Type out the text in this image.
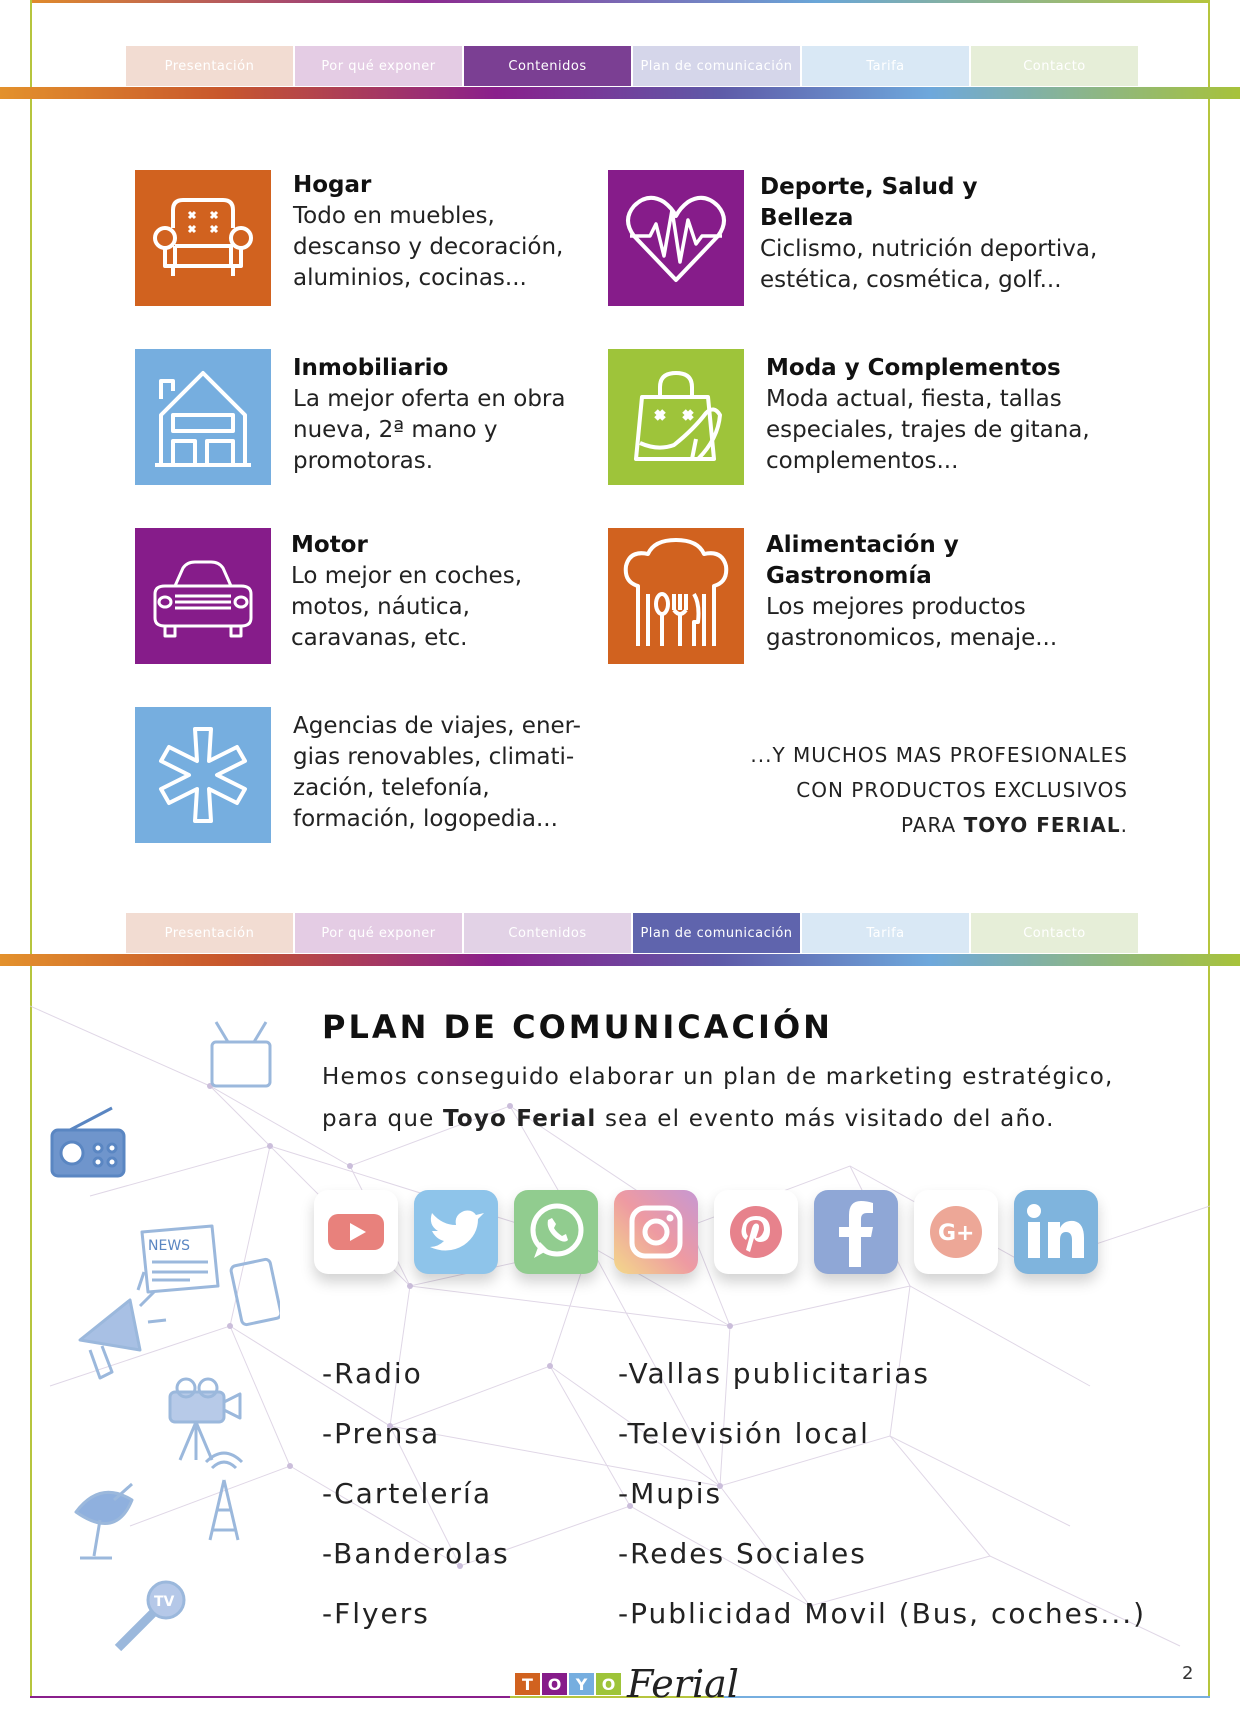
Presentación	Por qué exponer	Contenidos	Plan de comunicación	Tarifa	Contacto
Hogar
Todo en muebles,
descanso y decoración,
aluminios, cocinas...
Deporte, Salud y
Belleza
Ciclismo, nutrición deportiva,
estética, cosmética, golf...
Inmobiliario
La mejor oferta en obra
nueva, 2ª mano y
promotoras.
Moda y Complementos
Moda actual, fiesta, tallas
especiales, trajes de gitana,
complementos...
Motor
Lo mejor en coches,
motos, náutica,
caravanas, etc.
Alimentación y
Gastronomía
Los mejores productos
gastronomicos, menaje...
Agencias de viajes, ener-
gias renovables, climati-
zación, telefonía,
formación, logopedia...
...Y MUCHOS MAS PROFESIONALES
CON PRODUCTOS EXCLUSIVOS
PARA TOYO FERIAL.
Presentación	Por qué exponer	Contenidos	Plan de comunicación	Tarifa	Contacto
NEWS
TV
PLAN DE COMUNICACIÓN
Hemos conseguido elaborar un plan de marketing estratégico,
para que Toyo Ferial sea el evento más visitado del año.
G+
-Radio
-Prensa
-Cartelería
-Banderolas
-Flyers
-Vallas publicitarias
-Televisión local
-Mupis
-Redes Sociales
-Publicidad Movil (Bus, coches...)
T O Y O Ferial	2
